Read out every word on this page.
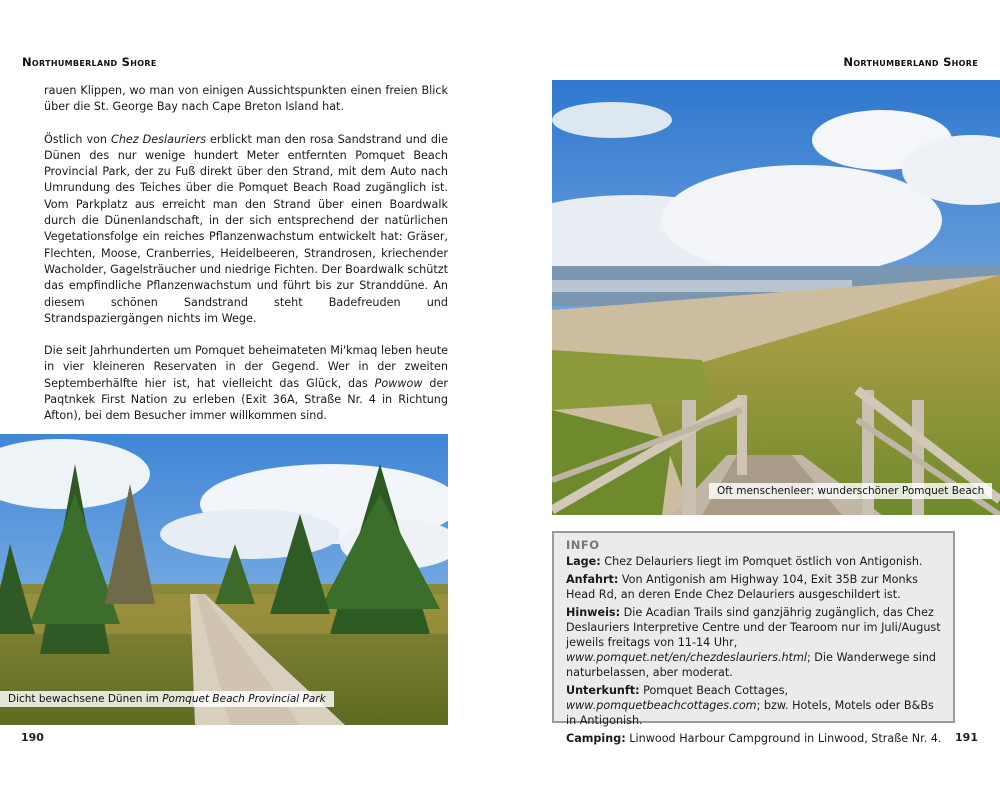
Northumberland Shore	Northumberland Shore

rauen Klippen, wo man von einigen Aussichtspunkten einen freien Blick über die St. George Bay nach Cape Breton Island hat.

Östlich von Chez Deslauriers erblickt man den rosa Sandstrand und die Dünen des nur wenige hundert Meter entfernten Pomquet Beach Provincial Park, der zu Fuß direkt über den Strand, mit dem Auto nach Umrundung des Teiches über die Pomquet Beach Road zugänglich ist. Vom Parkplatz aus erreicht man den Strand über einen Boardwalk durch die Dünenlandschaft, in der sich entsprechend der natürlichen Vegetationsfolge ein reiches Pflanzenwachstum entwickelt hat: Gräser, Flechten, Moose, Cranberries, Heidelbeeren, Strandrosen, kriechender Wacholder, Gagelsträucher und niedrige Fichten. Der Boardwalk schützt das empfindliche Pflanzenwachstum und führt bis zur Stranddüne. An diesem schönen Sandstrand steht Badefreuden und Strandspaziergängen nichts im Wege.

Die seit Jahrhunderten um Pomquet beheimateten Mi'kmaq leben heute in vier kleineren Reservaten in der Gegend. Wer in der zweiten Septemberhälfte hier ist, hat vielleicht das Glück, das Powwow der Paqtnkek First Nation zu erleben (Exit 36A, Straße Nr. 4 in Richtung Afton), bei dem Besucher immer willkommen sind.

Dicht bewachsene Dünen im Pomquet Beach Provincial Park
Oft menschenleer: wunderschöner Pomquet Beach
INFO
Lage: Chez Delauriers liegt im Pomquet östlich von Antigonish.
Anfahrt: Von Antigonish am Highway 104, Exit 35B zur Monks Head Rd, an deren Ende Chez Delauriers ausgeschildert ist.
Hinweis: Die Acadian Trails sind ganzjährig zugänglich, das Chez Deslauriers Interpretive Centre und der Tearoom nur im Juli/August jeweils freitags von 11-14 Uhr, www.pomquet.net/en/chezdeslauriers.html; Die Wanderwege sind naturbelassen, aber moderat.
Unterkunft: Pomquet Beach Cottages, www.pomquetbeachcottages.com; bzw. Hotels, Motels oder B&Bs in Antigonish.
Camping: Linwood Harbour Campground in Linwood, Straße Nr. 4.
190	191
